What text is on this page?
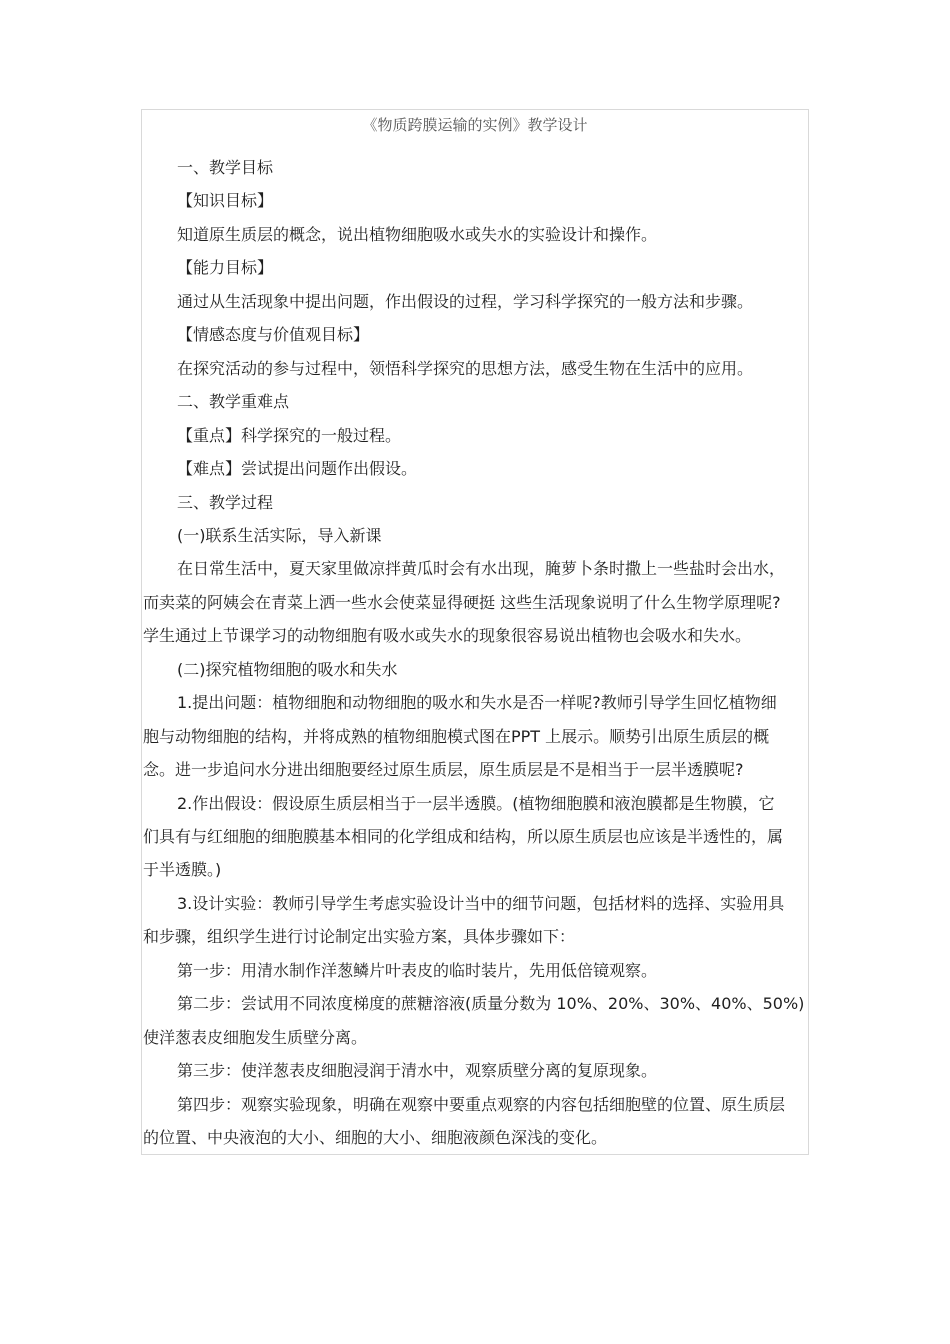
《物质跨膜运输的实例》教学设计
一、教学目标
【知识目标】
知道原生质层的概念，说出植物细胞吸水或失水的实验设计和操作。
【能力目标】
通过从生活现象中提出问题，作出假设的过程，学习科学探究的一般方法和步骤。
【情感态度与价值观目标】
在探究活动的参与过程中，领悟科学探究的思想方法，感受生物在生活中的应用。
二、教学重难点
【重点】科学探究的一般过程。
【难点】尝试提出问题作出假设。
三、教学过程
(一)联系生活实际，导入新课
在日常生活中，夏天家里做凉拌黄瓜时会有水出现，腌萝卜条时撒上一些盐时会出水，
而卖菜的阿姨会在青菜上洒一些水会使菜显得硬挺 这些生活现象说明了什么生物学原理呢?
学生通过上节课学习的动物细胞有吸水或失水的现象很容易说出植物也会吸水和失水。
(二)探究植物细胞的吸水和失水
1.提出问题：植物细胞和动物细胞的吸水和失水是否一样呢?教师引导学生回忆植物细
胞与动物细胞的结构，并将成熟的植物细胞模式图在PPT 上展示。顺势引出原生质层的概
念。进一步追问水分进出细胞要经过原生质层，原生质层是不是相当于一层半透膜呢?
2.作出假设：假设原生质层相当于一层半透膜。(植物细胞膜和液泡膜都是生物膜，它
们具有与红细胞的细胞膜基本相同的化学组成和结构，所以原生质层也应该是半透性的，属
于半透膜。)
3.设计实验：教师引导学生考虑实验设计当中的细节问题，包括材料的选择、实验用具
和步骤，组织学生进行讨论制定出实验方案，具体步骤如下：
第一步：用清水制作洋葱鳞片叶表皮的临时装片，先用低倍镜观察。
第二步：尝试用不同浓度梯度的蔗糖溶液(质量分数为 10%、20%、30%、40%、50%)
使洋葱表皮细胞发生质壁分离。
第三步：使洋葱表皮细胞浸润于清水中，观察质壁分离的复原现象。
第四步：观察实验现象，明确在观察中要重点观察的内容包括细胞壁的位置、原生质层
的位置、中央液泡的大小、细胞的大小、细胞液颜色深浅的变化。
